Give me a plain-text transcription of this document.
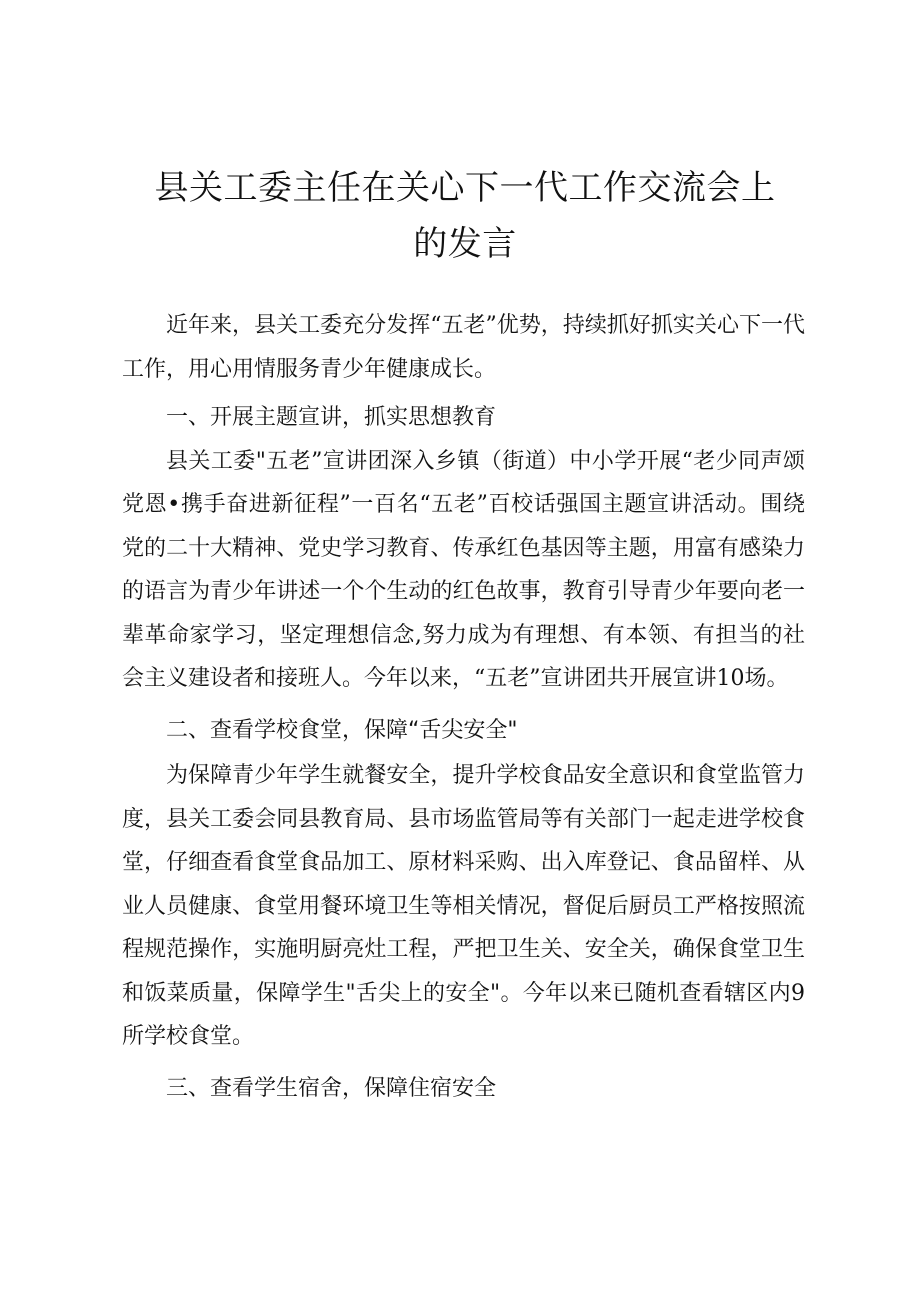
县关工委主任在关心下一代工作交流会上的发言

近年来，县关工委充分发挥“五老”优势，持续抓好抓实关心下一代工作，用心用情服务青少年健康成长。

一、开展主题宣讲，抓实思想教育

县关工委"五老”宣讲团深入乡镇（街道）中小学开展“老少同声颂党恩•携手奋进新征程”一百名“五老”百校话强国主题宣讲活动。围绕党的二十大精神、党史学习教育、传承红色基因等主题，用富有感染力的语言为青少年讲述一个个生动的红色故事，教育引导青少年要向老一辈革命家学习，坚定理想信念,努力成为有理想、有本领、有担当的社会主义建设者和接班人。今年以来，“五老”宣讲团共开展宣讲10场。

二、查看学校食堂，保障“舌尖安全"

为保障青少年学生就餐安全，提升学校食品安全意识和食堂监管力度，县关工委会同县教育局、县市场监管局等有关部门一起走进学校食堂，仔细查看食堂食品加工、原材料采购、出入库登记、食品留样、从业人员健康、食堂用餐环境卫生等相关情况，督促后厨员工严格按照流程规范操作，实施明厨亮灶工程，严把卫生关、安全关，确保食堂卫生和饭菜质量，保障学生"舌尖上的安全"。今年以来已随机查看辖区内9所学校食堂。

三、查看学生宿舍，保障住宿安全
